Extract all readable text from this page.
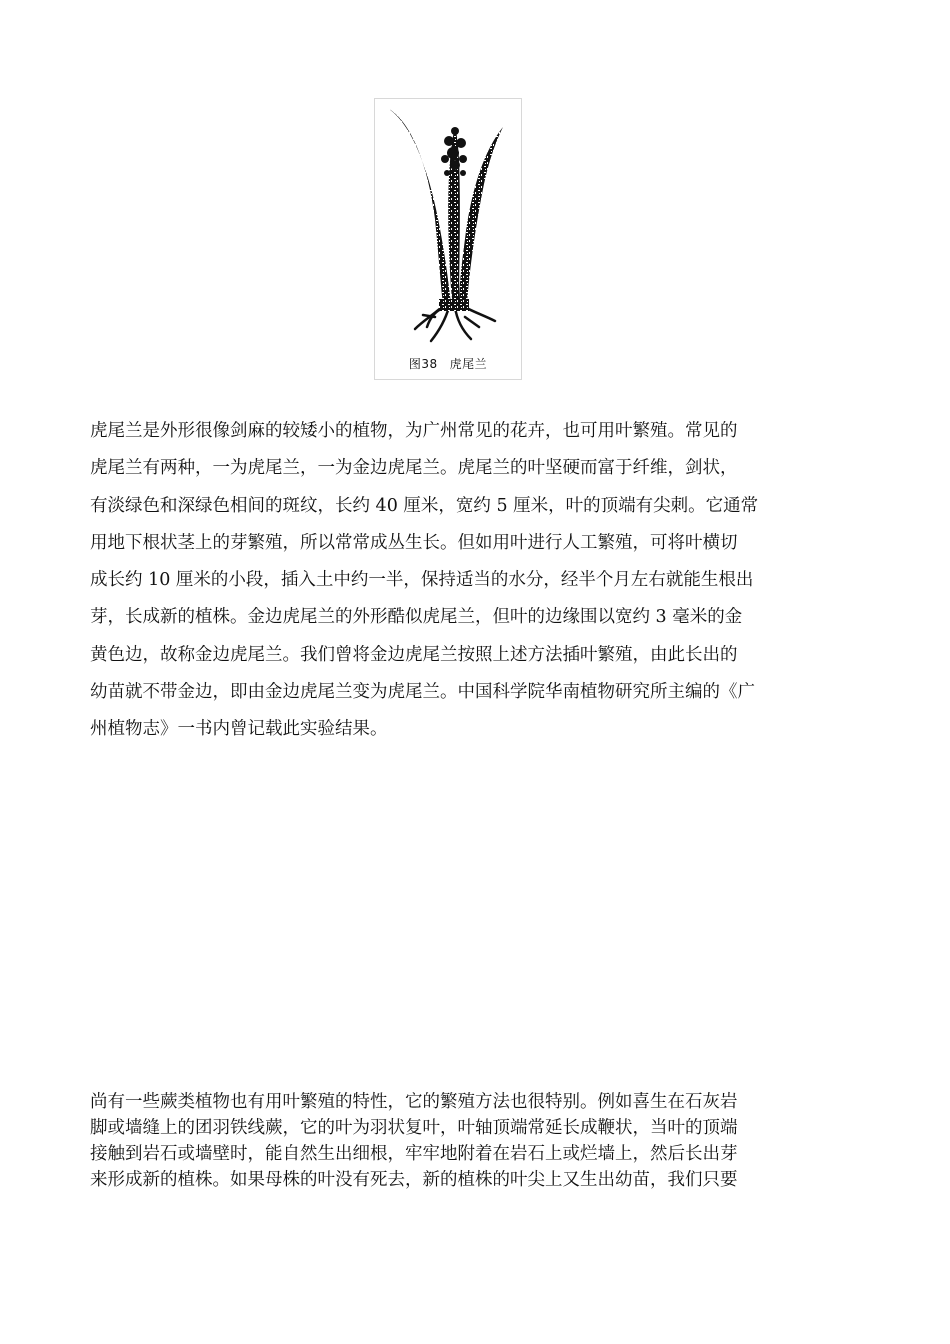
图38 虎尾兰
虎尾兰是外形很像剑麻的较矮小的植物，为广州常见的花卉，也可用叶繁殖。常见的
虎尾兰有两种，一为虎尾兰，一为金边虎尾兰。虎尾兰的叶坚硬而富于纤维，剑状，
有淡绿色和深绿色相间的斑纹，长约 40 厘米，宽约 5 厘米，叶的顶端有尖刺。它通常
用地下根状茎上的芽繁殖，所以常常成丛生长。但如用叶进行人工繁殖，可将叶横切
成长约 10 厘米的小段，插入土中约一半，保持适当的水分，经半个月左右就能生根出
芽，长成新的植株。金边虎尾兰的外形酷似虎尾兰，但叶的边缘围以宽约 3 毫米的金
黄色边，故称金边虎尾兰。我们曾将金边虎尾兰按照上述方法插叶繁殖，由此长出的
幼苗就不带金边，即由金边虎尾兰变为虎尾兰。中国科学院华南植物研究所主编的《广
州植物志》一书内曾记载此实验结果。
尚有一些蕨类植物也有用叶繁殖的特性，它的繁殖方法也很特别。例如喜生在石灰岩
脚或墙缝上的团羽铁线蕨，它的叶为羽状复叶，叶轴顶端常延长成鞭状，当叶的顶端
接触到岩石或墙壁时，能自然生出细根，牢牢地附着在岩石上或烂墙上，然后长出芽
来形成新的植株。如果母株的叶没有死去，新的植株的叶尖上又生出幼苗，我们只要
